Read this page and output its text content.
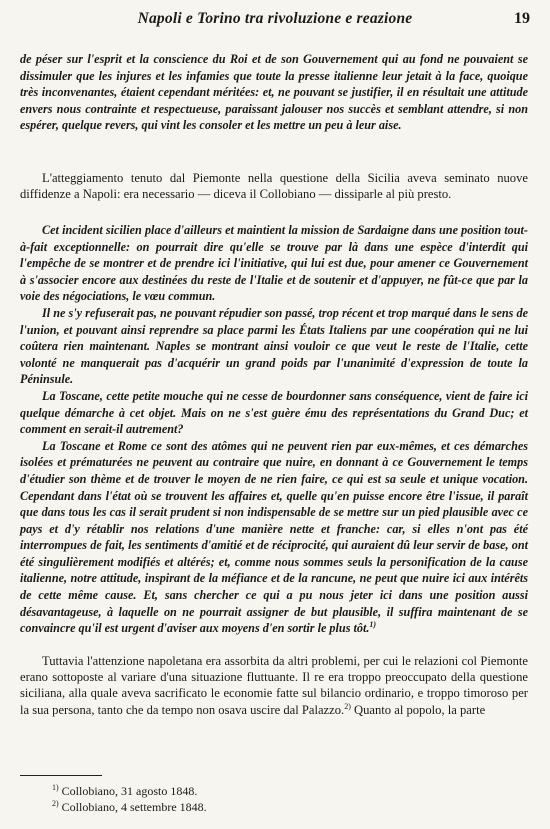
Napoli e Torino tra rivoluzione e reazione	19

de péser sur l'esprit et la conscience du Roi et de son Gouvernement qui au fond ne pouvaient se dissimuler que les injures et les infamies que toute la presse italienne leur jetait à la face, quoique très inconvenantes, étaient cependant méritées: et, ne pouvant se justifier, il en résultait une attitude envers nous contrainte et respectueuse, paraissant jalouser nos succès et semblant attendre, si non espérer, quelque revers, qui vint les consoler et les mettre un peu à leur aise.

L'atteggiamento tenuto dal Piemonte nella questione della Sicilia aveva seminato nuove diffidenze a Napoli: era necessario — diceva il Collobiano — dissiparle al più presto.

Cet incident sicilien place d'ailleurs et maintient la mission de Sardaigne dans une position tout-à-fait exceptionnelle: on pourrait dire qu'elle se trouve par là dans une espèce d'interdit qui l'empêche de se montrer et de prendre ici l'initiative, qui lui est due, pour amener ce Gouvernement à s'associer encore aux destinées du reste de l'Italie et de soutenir et d'appuyer, ne fût-ce que par la voie des négociations, le vœu commun.

Il ne s'y refuserait pas, ne pouvant répudier son passé, trop récent et trop marqué dans le sens de l'union, et pouvant ainsi reprendre sa place parmi les États Italiens par une coopération qui ne lui coûtera rien maintenant. Naples se montrant ainsi vouloir ce que veut le reste de l'Italie, cette volonté ne manquerait pas d'acquérir un grand poids par l'unanimité d'expression de toute la Péninsule.

La Toscane, cette petite mouche qui ne cesse de bourdonner sans conséquence, vient de faire ici quelque démarche à cet objet. Mais on ne s'est guère ému des représentations du Grand Duc; et comment en serait-il autrement?

La Toscane et Rome ce sont des atômes qui ne peuvent rien par eux-mêmes, et ces démarches isolées et prématurées ne peuvent au contraire que nuire, en donnant à ce Gouvernement le temps d'étudier son thème et de trouver le moyen de ne rien faire, ce qui est sa seule et unique vocation. Cependant dans l'état où se trouvent les affaires et, quelle qu'en puisse encore être l'issue, il paraît que dans tous les cas il serait prudent si non indispensable de se mettre sur un pied plausible avec ce pays et d'y rétablir nos relations d'une manière nette et franche: car, si elles n'ont pas été interrompues de fait, les sentiments d'amitié et de réciprocité, qui auraient dû leur servir de base, ont été singulièrement modifiés et altérés; et, comme nous sommes seuls la personification de la cause italienne, notre attitude, inspirant de la méfiance et de la rancune, ne peut que nuire ici aux intérêts de cette même cause. Et, sans chercher ce qui a pu nous jeter ici dans une position aussi désavantageuse, à laquelle on ne pourrait assigner de but plausible, il suffira maintenant de se convaincre qu'il est urgent d'aviser aux moyens d'en sortir le plus tôt.$^{1)}$

Tuttavia l'attenzione napoletana era assorbita da altri problemi, per cui le relazioni col Piemonte erano sottoposte al variare d'una situazione fluttuante. Il re era troppo preoccupato della questione siciliana, alla quale aveva sacrificato le economie fatte sul bilancio ordinario, e troppo timoroso per la sua persona, tanto che da tempo non osava uscire dal Palazzo.$^{2)}$ Quanto al popolo, la parte

$^{1)}$ Collobiano, 31 agosto 1848.
$^{2)}$ Collobiano, 4 settembre 1848.
